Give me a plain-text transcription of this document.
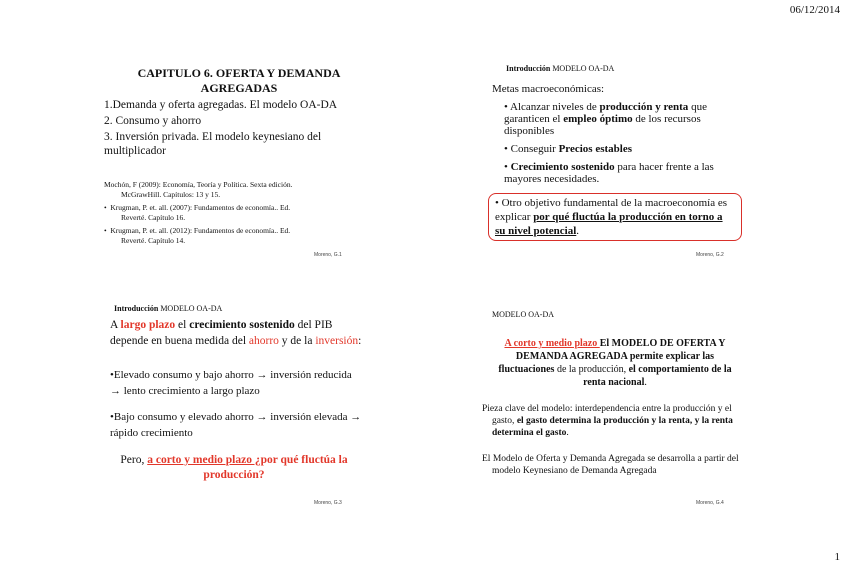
06/12/2014
CAPITULO 6. OFERTA Y DEMANDA
AGREGADAS
1.Demanda y oferta agregadas. El modelo OA-DA
2. Consumo y ahorro
3. Inversión privada. El modelo keynesiano del multiplicador
Mochón, F (2009): Economía, Teoría y Política. Sexta edición.
McGrawHill. Capítulos: 13 y 15.
• Krugman, P. et. all. (2007): Fundamentos de economía.. Ed.
Reverté. Capítulo 16.
• Krugman, P. et. all. (2012): Fundamentos de economía.. Ed.
Reverté. Capítulo 14.
Moreno, G.1
Introducción MODELO OA-DA
Metas macroeconómicas:
• Alcanzar niveles de producción y renta que garanticen el empleo óptimo de los recursos disponibles
• Conseguir Precios estables
• Crecimiento sostenido para hacer frente a las mayores necesidades.
• Otro objetivo fundamental de la macroeconomía es explicar por qué fluctúa la producción en torno a su nivel potencial.
Moreno, G.2
Introducción MODELO OA-DA
A largo plazo el crecimiento sostenido del PIB depende en buena medida del ahorro y de la inversión:
•Elevado consumo y bajo ahorro → inversión reducida → lento crecimiento a largo plazo
•Bajo consumo y elevado ahorro → inversión elevada → rápido crecimiento
Pero, a corto y medio plazo ¿por qué fluctúa la producción?
Moreno, G.3
MODELO OA-DA
A corto y medio plazo El MODELO DE OFERTA Y DEMANDA AGREGADA permite explicar las fluctuaciones de la producción, el comportamiento de la renta nacional.
Pieza clave del modelo: interdependencia entre la producción y el gasto, el gasto determina la producción y la renta, y la renta determina el gasto.
El Modelo de Oferta y Demanda Agregada se desarrolla a partir del modelo Keynesiano de Demanda Agregada
Moreno, G.4
1
